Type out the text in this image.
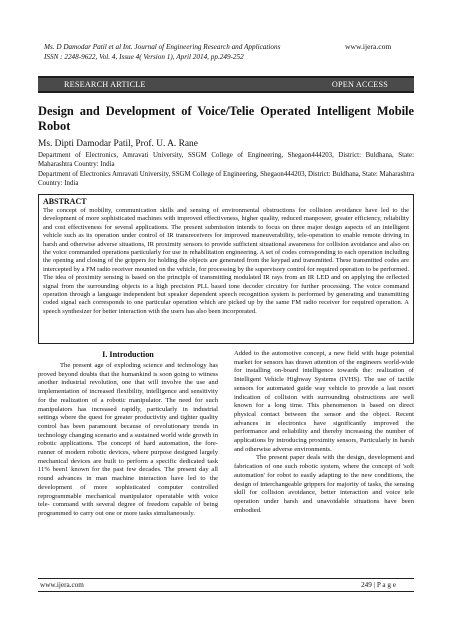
Ms. D Damodar Patil et al Int. Journal of Engineering Research and Applications
ISSN : 2248-9622, Vol. 4, Issue 4( Version 1), April 2014, pp.249-252
www.ijera.com
RESEARCH ARTICLE	OPEN ACCESS
Design and Development of Voice/Telie Operated Intelligent Mobile Robot
Ms. Dipti Damodar Patil, Prof. U. A. Rane

Department of Electronics, Amravati University, SSGM College of Engineering, Shegaon444203, District: Buldhana, State: Maharashtra Country: India

Department of Electronics Amravati University, SSGM College of Engineering, Shegaon444203, District: Buldhana, State: Maharashtra Country: India

ABSTRACT

The concept of mobility, communication skills and sensing of environmental obstructions for collision avoidance have led to the development of more sophisticated machines with improved effectiveness, higher quality, reduced manpower, greater efficiency, reliability and cost effectiveness for several applications. The present submission intends to focus on three major design aspects of an intelligent vehicle such as its operation under control of IR transreceivers for improved maneuverability, tele-operation to enable remote driving in harsh and otherwise adverse situations, IR proximity sensors to provide sufficient situational awareness for collision avoidance and also on the voice commanded operations particularly for use in rehabilitation engineering. A set of codes corresponding to each operation including the opening and closing of the grippers for holding the objects are generated from the keypad and transmitted. These transmitted codes are intercepted by a FM radio receiver mounted on the vehicle, for processing by the supervisory control for required operation to be performed. The idea of proximity sensing is based on the principle of transmitting modulated IR rays from an IR LED and on applying the reflected signal from the surrounding objects to a high precision PLL based tone decoder circuitry for further processing. The voice command operation through a language independent but speaker dependent speech recognition system is performed by generating and transmitting coded signal each corresponds to one particular operation which are picked up by the same FM radio receiver for required operation. A speech synthesizer for better interaction with the users has also been incorporated.

I. Introduction

The present age of exploding science and technology has proved beyond doubts that the humankind is soon going to witness another industrial revolution, one that will involve the use and implementation of increased flexibility, intelligence and sensitivity for the realization of a robotic manipulator. The need for such manipulators has increased rapidly, particularly in industrial settings where the quest for greater productivity and tighter quality control has been paramount because of revolutionary trends in technology changing scenario and a sustained world wide growth in robotic applications. The concept of hard automation, the fore-runner of modern robotic devices, where purpose designed largely mechanical devices are built to perform a specific dedicated task 11% been1 known for the past few decades. The present day all round advances in man machine interaction have led to the development of more sophisticated computer controlled reprogrammable mechanical manipulator operatable with voice tele- command with several degree of freedom capable of being programmed to carry out one or more tasks simultaneously.

Added to the automotive concept, a new field with huge potential market for sensors has drawn attention of the engineers world-wide for installing on-board intelligence towards the: realization of Intelligent Vehicle Highway Systems (IVHS). The use of tactile sensors for automated guide way vehicle to provide a last resort indication of collision with surrounding obstructions are well known for a long time. This phenomenon is based on direct physical contact between the sensor and the object. Recent advances in electronics have significantly improved the performance and reliability and thereby increasing the number of applications by introducing proximity sensors, Particularly in harsh and otherwise adverse environments.

The present paper deals with the design, development and fabrication of one such robotic system, where the concept of 'soft automation' for robot to easily adapting to the new conditions, the design of interchangeable grippers for majority of tasks, the sensing skill for collision avoidance, better interaction and voice tele operation under harsh and unavoidable situations have been embodied.

www.ijera.com	249 | P a g e
